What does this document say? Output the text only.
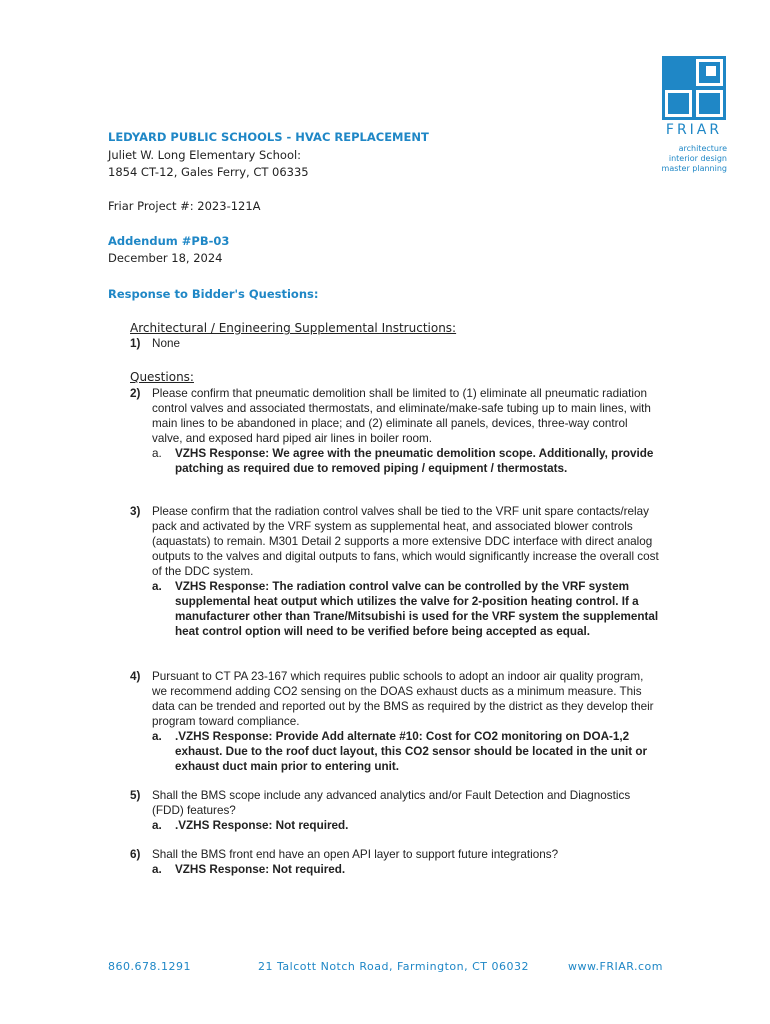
FRIAR
architecture
interior design
master planning
LEDYARD PUBLIC SCHOOLS - HVAC REPLACEMENT
Juliet W. Long Elementary School:
1854 CT-12, Gales Ferry, CT 06335
Friar Project #: 2023-121A
Addendum #PB-03
December 18, 2024
Response to Bidder's Questions:
Architectural / Engineering Supplemental Instructions:
1) None
Questions:
2) Please confirm that pneumatic demolition shall be limited to (1) eliminate all pneumatic radiation control valves and associated thermostats, and eliminate/make-safe tubing up to main lines, with main lines to be abandoned in place; and (2) eliminate all panels, devices, three-way control valve, and exposed hard piped air lines in boiler room.
a. VZHS Response: We agree with the pneumatic demolition scope. Additionally, provide patching as required due to removed piping / equipment / thermostats.
3) Please confirm that the radiation control valves shall be tied to the VRF unit spare contacts/relay pack and activated by the VRF system as supplemental heat, and associated blower controls (aquastats) to remain. M301 Detail 2 supports a more extensive DDC interface with direct analog outputs to the valves and digital outputs to fans, which would significantly increase the overall cost of the DDC system.
a. VZHS Response: The radiation control valve can be controlled by the VRF system supplemental heat output which utilizes the valve for 2-position heating control. If a manufacturer other than Trane/Mitsubishi is used for the VRF system the supplemental heat control option will need to be verified before being accepted as equal.
4) Pursuant to CT PA 23-167 which requires public schools to adopt an indoor air quality program, we recommend adding CO2 sensing on the DOAS exhaust ducts as a minimum measure. This data can be trended and reported out by the BMS as required by the district as they develop their program toward compliance.
a. .VZHS Response: Provide Add alternate #10: Cost for CO2 monitoring on DOA-1,2 exhaust. Due to the roof duct layout, this CO2 sensor should be located in the unit or exhaust duct main prior to entering unit.
5) Shall the BMS scope include any advanced analytics and/or Fault Detection and Diagnostics (FDD) features?
a. .VZHS Response: Not required.
6) Shall the BMS front end have an open API layer to support future integrations?
a. VZHS Response: Not required.
860.678.1291	21 Talcott Notch Road, Farmington, CT 06032	www.FRIAR.com
